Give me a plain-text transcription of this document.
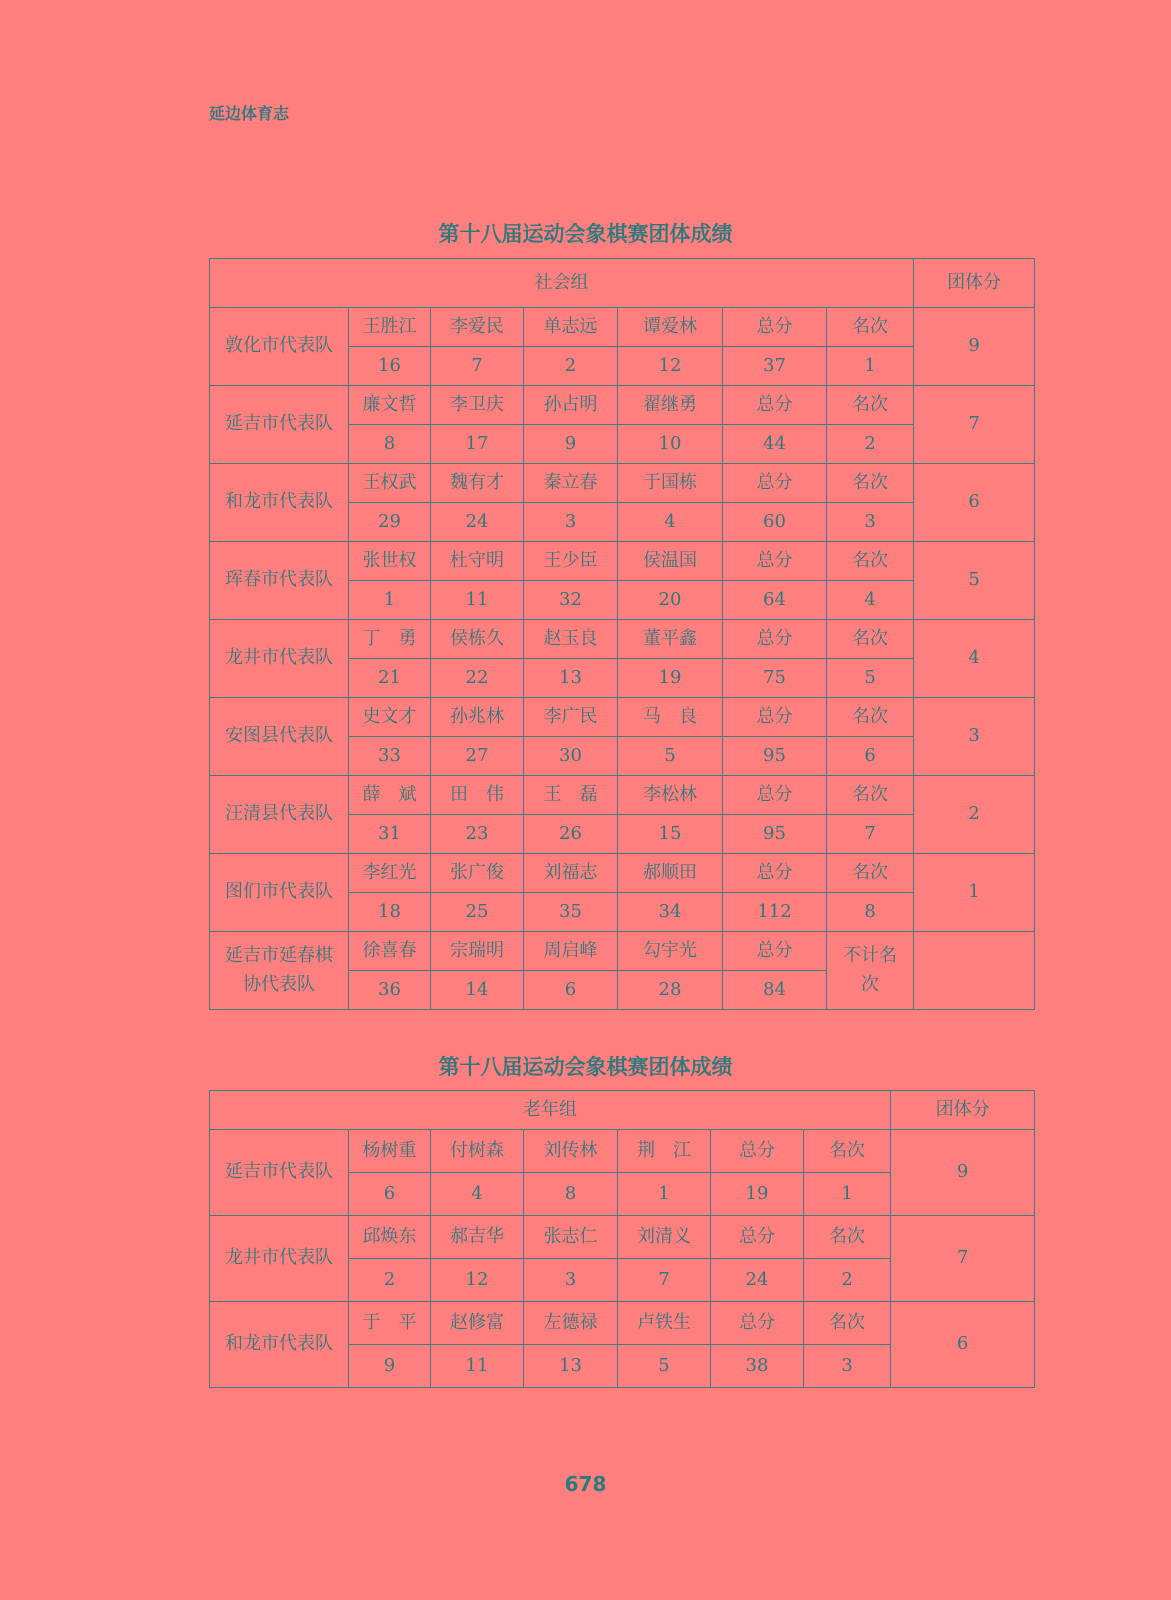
延边体育志
第十八届运动会象棋赛团体成绩
社会组							团体分
敦化市代表队	王胜江	李爱民	单志远	谭爱林	总分	名次	9
	16	7	2	12	37	1	
延吉市代表队	廉文哲	李卫庆	孙占明	翟继勇	总分	名次	7
	8	17	9	10	44	2	
和龙市代表队	王权武	魏有才	秦立春	于国栋	总分	名次	6
	29	24	3	4	60	3	
珲春市代表队	张世权	杜守明	王少臣	侯温国	总分	名次	5
	1	11	32	20	64	4	
龙井市代表队	丁　勇	侯栋久	赵玉良	董平鑫	总分	名次	4
	21	22	13	19	75	5	
安图县代表队	史文才	孙兆林	李广民	马　良	总分	名次	3
	33	27	30	5	95	6	
汪清县代表队	薛　斌	田　伟	王　磊	李松林	总分	名次	2
	31	23	26	15	95	7	
图们市代表队	李红光	张广俊	刘福志	郝顺田	总分	名次	1
	18	25	35	34	112	8	
延吉市延春棋协代表队	徐喜春	宗瑞明	周启峰	勾宇光	总分	不计名次	
	36	14	6	28	84		
第十八届运动会象棋赛团体成绩
老年组							团体分
延吉市代表队	杨树重	付树森	刘传林	荆　江	总分	名次	9
	6	4	8	1	19	1	
龙井市代表队	邱焕东	郝吉华	张志仁	刘清义	总分	名次	7
	2	12	3	7	24	2	
和龙市代表队	于　平	赵修富	左德禄	卢铁生	总分	名次	6
	9	11	13	5	38	3	
678
